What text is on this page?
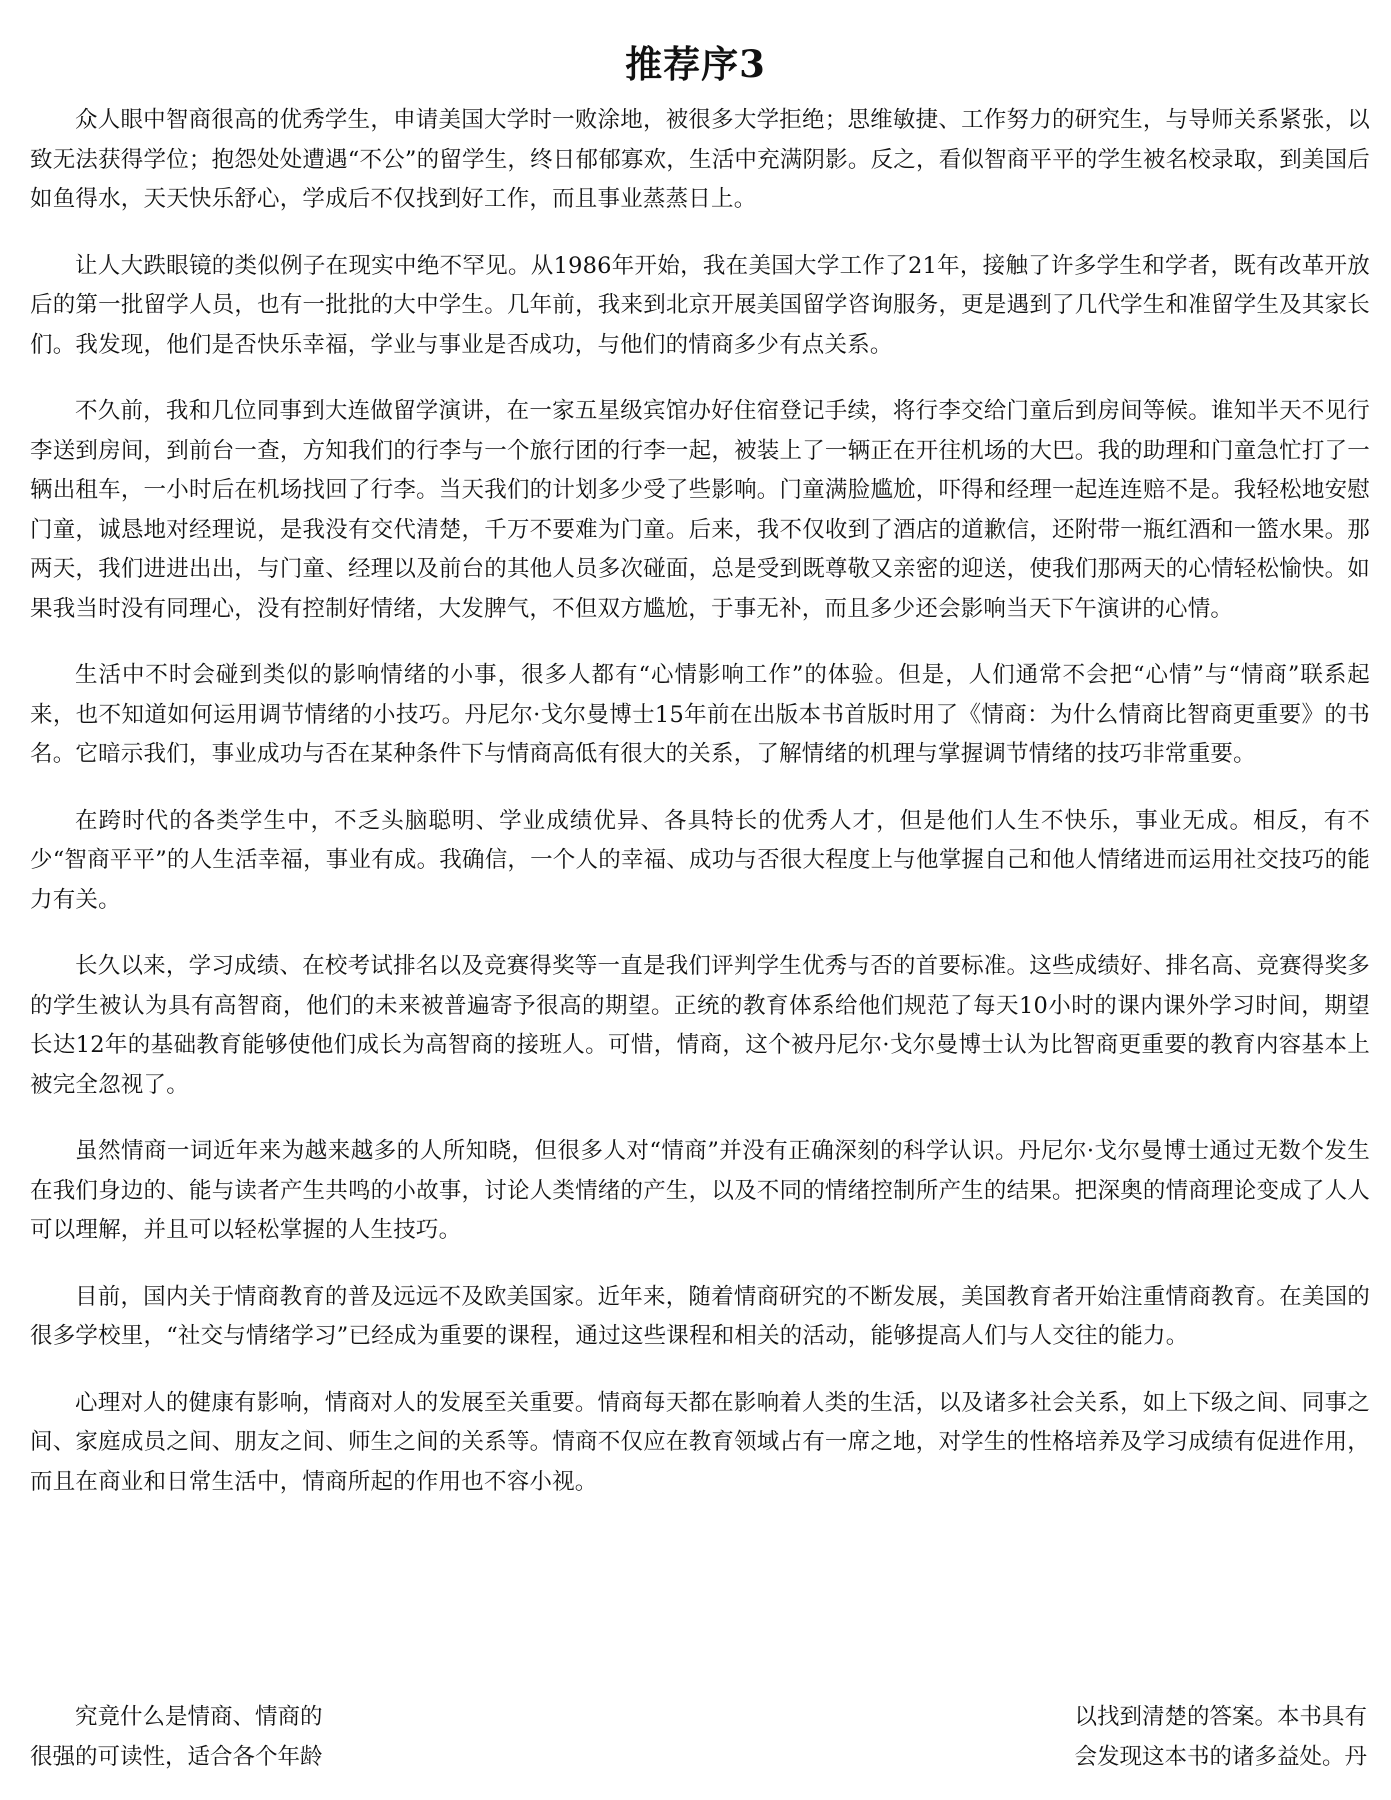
推荐序3

众人眼中智商很高的优秀学生，申请美国大学时一败涂地，被很多大学拒绝；思维敏捷、工作努力的研究生，与导师关系紧张，以致无法获得学位；抱怨处处遭遇“不公”的留学生，终日郁郁寡欢，生活中充满阴影。反之，看似智商平平的学生被名校录取，到美国后如鱼得水，天天快乐舒心，学成后不仅找到好工作，而且事业蒸蒸日上。

让人大跌眼镜的类似例子在现实中绝不罕见。从1986年开始，我在美国大学工作了21年，接触了许多学生和学者，既有改革开放后的第一批留学人员，也有一批批的大中学生。几年前，我来到北京开展美国留学咨询服务，更是遇到了几代学生和准留学生及其家长们。我发现，他们是否快乐幸福，学业与事业是否成功，与他们的情商多少有点关系。

不久前，我和几位同事到大连做留学演讲，在一家五星级宾馆办好住宿登记手续，将行李交给门童后到房间等候。谁知半天不见行李送到房间，到前台一查，方知我们的行李与一个旅行团的行李一起，被装上了一辆正在开往机场的大巴。我的助理和门童急忙打了一辆出租车，一小时后在机场找回了行李。当天我们的计划多少受了些影响。门童满脸尴尬，吓得和经理一起连连赔不是。我轻松地安慰门童，诚恳地对经理说，是我没有交代清楚，千万不要难为门童。后来，我不仅收到了酒店的道歉信，还附带一瓶红酒和一篮水果。那两天，我们进进出出，与门童、经理以及前台的其他人员多次碰面，总是受到既尊敬又亲密的迎送，使我们那两天的心情轻松愉快。如果我当时没有同理心，没有控制好情绪，大发脾气，不但双方尴尬，于事无补，而且多少还会影响当天下午演讲的心情。

生活中不时会碰到类似的影响情绪的小事，很多人都有“心情影响工作”的体验。但是，人们通常不会把“心情”与“情商”联系起来，也不知道如何运用调节情绪的小技巧。丹尼尔·戈尔曼博士15年前在出版本书首版时用了《情商：为什么情商比智商更重要》的书名。它暗示我们，事业成功与否在某种条件下与情商高低有很大的关系，了解情绪的机理与掌握调节情绪的技巧非常重要。

在跨时代的各类学生中，不乏头脑聪明、学业成绩优异、各具特长的优秀人才，但是他们人生不快乐，事业无成。相反，有不少“智商平平”的人生活幸福，事业有成。我确信，一个人的幸福、成功与否很大程度上与他掌握自己和他人情绪进而运用社交技巧的能力有关。

长久以来，学习成绩、在校考试排名以及竞赛得奖等一直是我们评判学生优秀与否的首要标准。这些成绩好、排名高、竞赛得奖多的学生被认为具有高智商，他们的未来被普遍寄予很高的期望。正统的教育体系给他们规范了每天10小时的课内课外学习时间，期望长达12年的基础教育能够使他们成长为高智商的接班人。可惜，情商，这个被丹尼尔·戈尔曼博士认为比智商更重要的教育内容基本上被完全忽视了。

虽然情商一词近年来为越来越多的人所知晓，但很多人对“情商”并没有正确深刻的科学认识。丹尼尔·戈尔曼博士通过无数个发生在我们身边的、能与读者产生共鸣的小故事，讨论人类情绪的产生，以及不同的情绪控制所产生的结果。把深奥的情商理论变成了人人可以理解，并且可以轻松掌握的人生技巧。

目前，国内关于情商教育的普及远远不及欧美国家。近年来，随着情商研究的不断发展，美国教育者开始注重情商教育。在美国的很多学校里，“社交与情绪学习”已经成为重要的课程，通过这些课程和相关的活动，能够提高人们与人交往的能力。

心理对人的健康有影响，情商对人的发展至关重要。情商每天都在影响着人类的生活，以及诸多社会关系，如上下级之间、同事之间、家庭成员之间、朋友之间、师生之间的关系等。情商不仅应在教育领域占有一席之地，对学生的性格培养及学习成绩有促进作用，而且在商业和日常生活中，情商所起的作用也不容小视。

究竟什么是情商、情商的
很强的可读性，适合各个年龄
以找到清楚的答案。本书具有
会发现这本书的诸多益处。丹
